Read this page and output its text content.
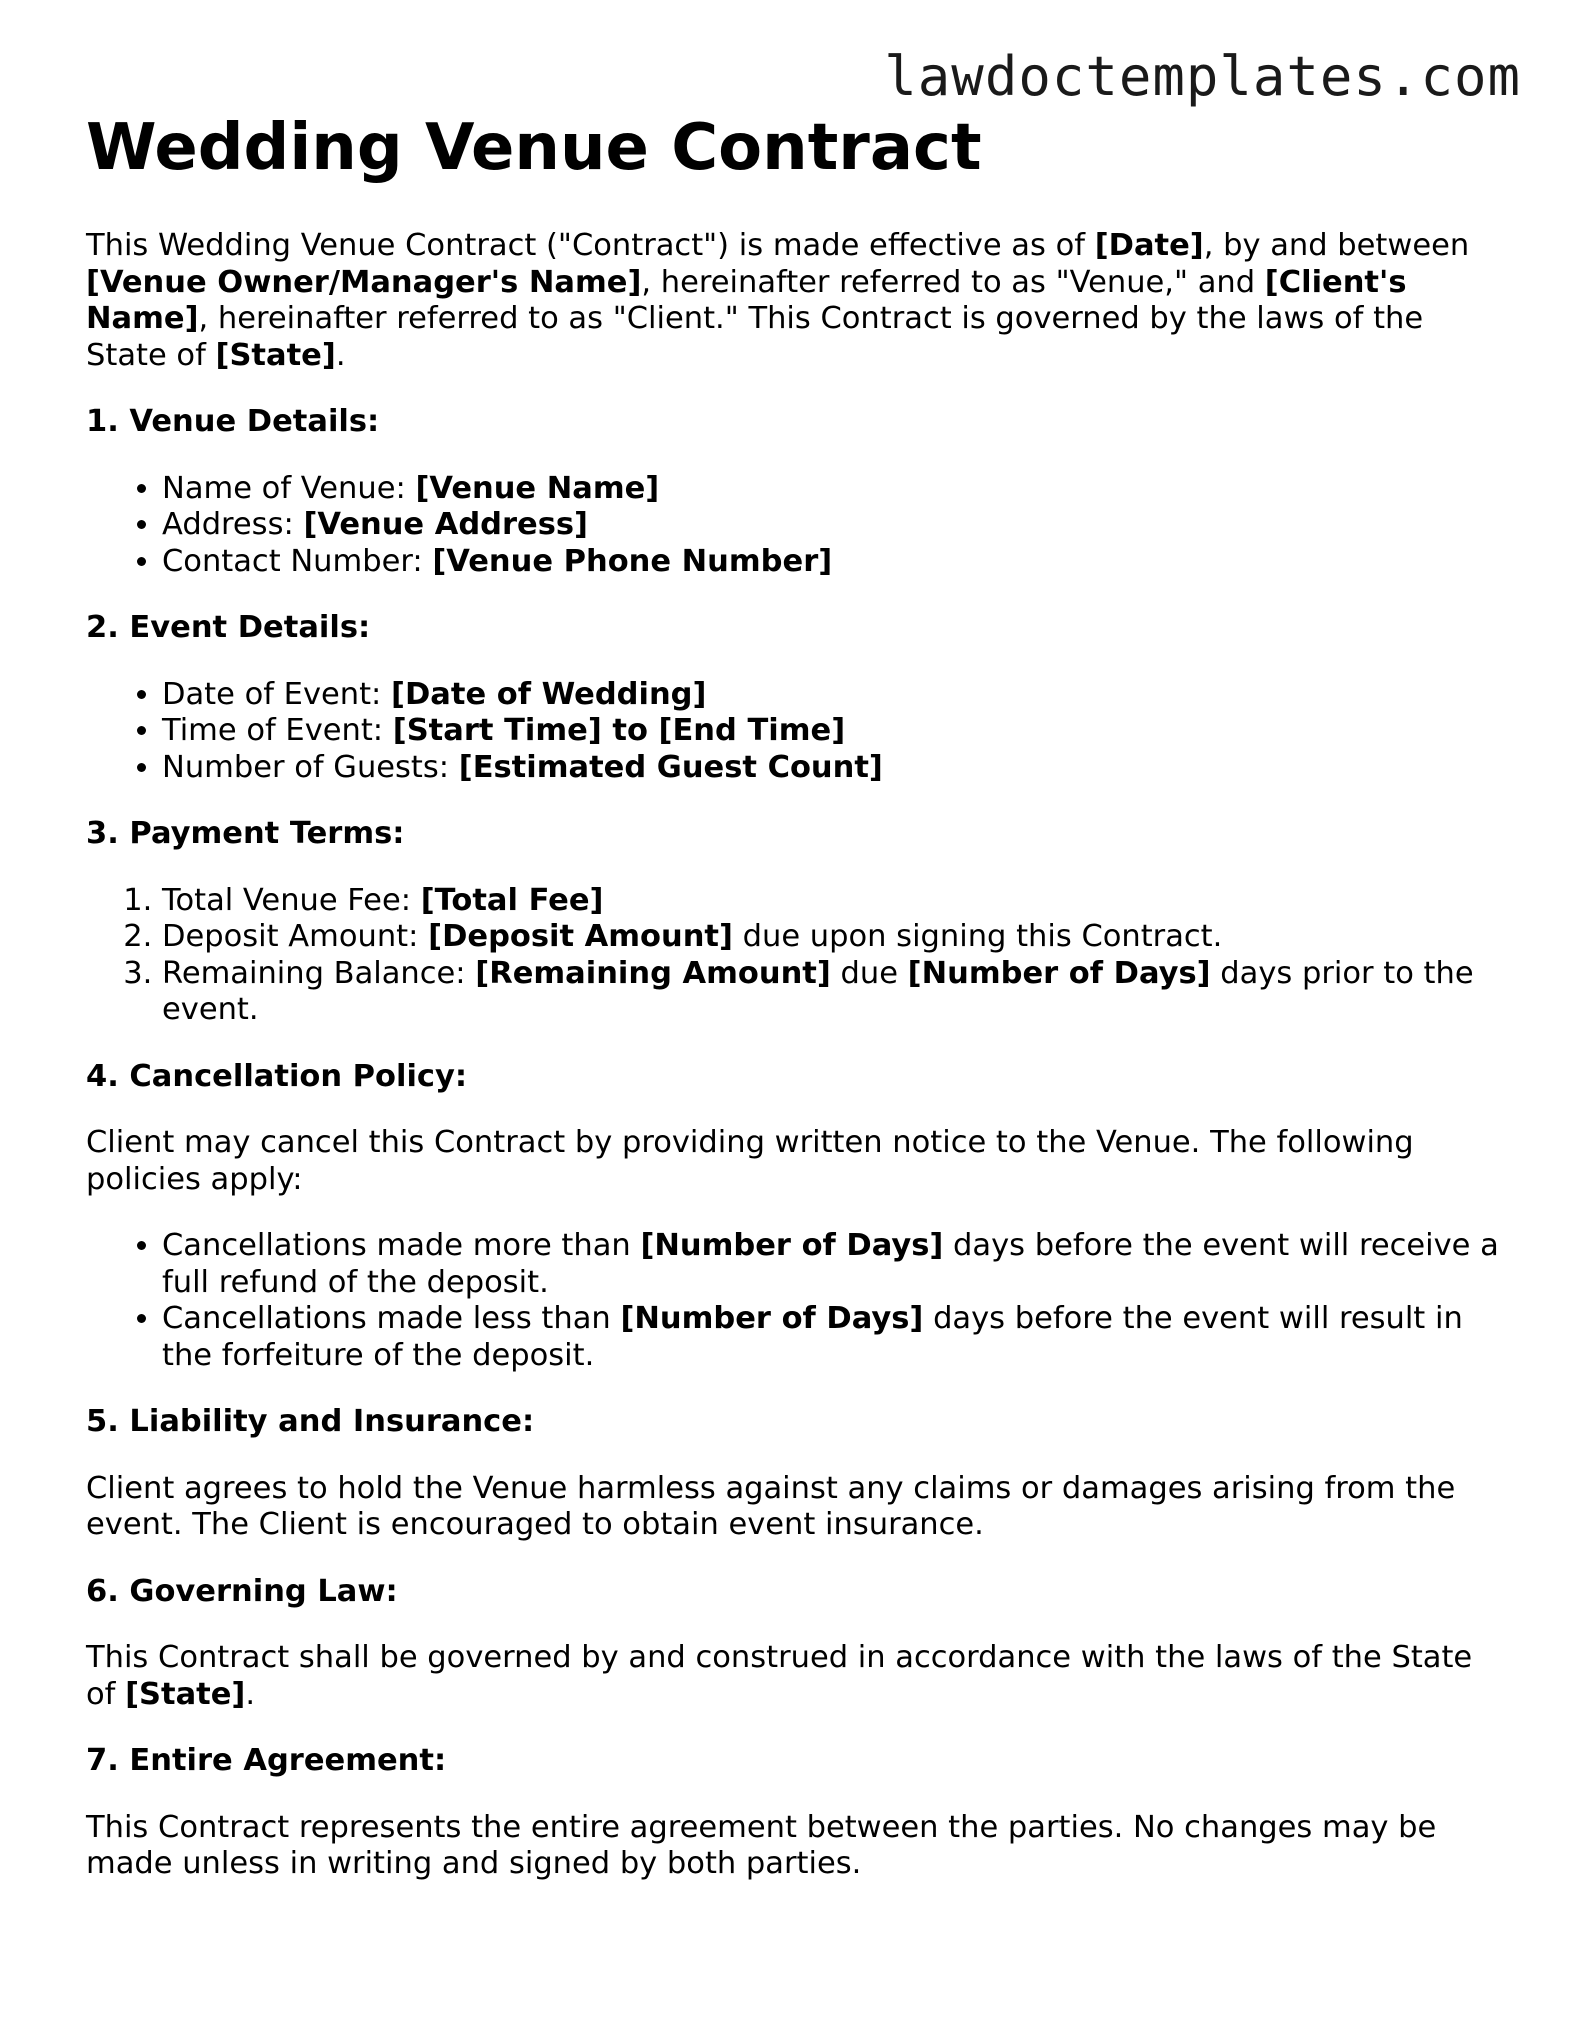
lawdoctemplates.com
Wedding Venue Contract

This Wedding Venue Contract ("Contract") is made effective as of [Date], by and between [Venue Owner/Manager's Name], hereinafter referred to as "Venue," and [Client's Name], hereinafter referred to as "Client." This Contract is governed by the laws of the State of [State].

1. Venue Details:

• Name of Venue: [Venue Name]
• Address: [Venue Address]
• Contact Number: [Venue Phone Number]

2. Event Details:

• Date of Event: [Date of Wedding]
• Time of Event: [Start Time] to [End Time]
• Number of Guests: [Estimated Guest Count]

3. Payment Terms:

1. Total Venue Fee: [Total Fee]
2. Deposit Amount: [Deposit Amount] due upon signing this Contract.
3. Remaining Balance: [Remaining Amount] due [Number of Days] days prior to the event.

4. Cancellation Policy:

Client may cancel this Contract by providing written notice to the Venue. The following policies apply:

• Cancellations made more than [Number of Days] days before the event will receive a full refund of the deposit.
• Cancellations made less than [Number of Days] days before the event will result in the forfeiture of the deposit.

5. Liability and Insurance:

Client agrees to hold the Venue harmless against any claims or damages arising from the event. The Client is encouraged to obtain event insurance.

6. Governing Law:

This Contract shall be governed by and construed in accordance with the laws of the State of [State].

7. Entire Agreement:

This Contract represents the entire agreement between the parties. No changes may be made unless in writing and signed by both parties.
